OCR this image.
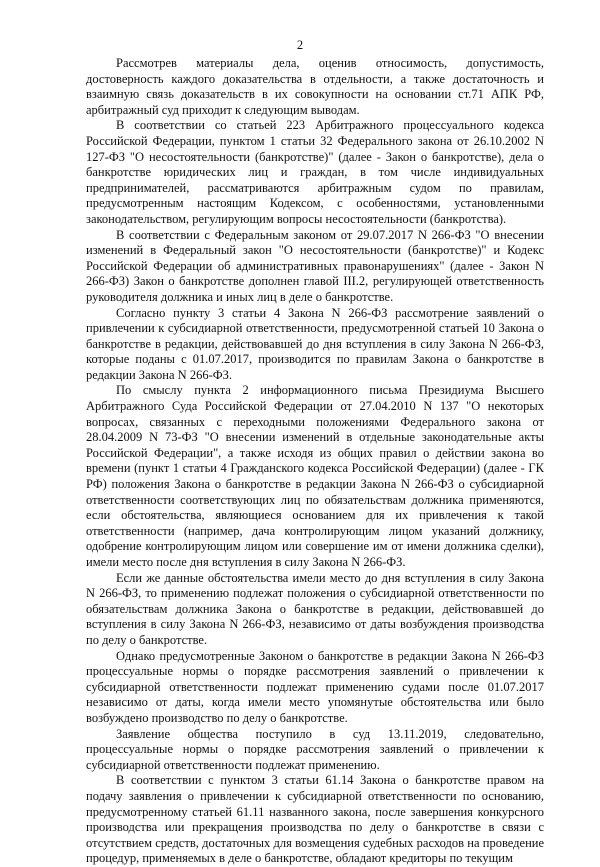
2

Рассмотрев материалы дела, оценив относимость, допустимость, достоверность каждого доказательства в отдельности, а также достаточность и взаимную связь доказательств в их совокупности на основании ст.71 АПК РФ, арбитражный суд приходит к следующим выводам.

В соответствии со статьей 223 Арбитражного процессуального кодекса Российской Федерации, пунктом 1 статьи 32 Федерального закона от 26.10.2002 N 127-ФЗ "О несостоятельности (банкротстве)" (далее - Закон о банкротстве), дела о банкротстве юридических лиц и граждан, в том числе индивидуальных предпринимателей, рассматриваются арбитражным судом по правилам, предусмотренным настоящим Кодексом, с особенностями, установленными законодательством, регулирующим вопросы несостоятельности (банкротства).

В соответствии с Федеральным законом от 29.07.2017 N 266-ФЗ "О внесении изменений в Федеральный закон "О несостоятельности (банкротстве)" и Кодекс Российской Федерации об административных правонарушениях" (далее - Закон N 266-ФЗ) Закон о банкротстве дополнен главой III.2, регулирующей ответственность руководителя должника и иных лиц в деле о банкротстве.

Согласно пункту 3 статьи 4 Закона N 266-ФЗ рассмотрение заявлений о привлечении к субсидиарной ответственности, предусмотренной статьей 10 Закона о банкротстве в редакции, действовавшей до дня вступления в силу Закона N 266-ФЗ, которые поданы с 01.07.2017, производится по правилам Закона о банкротстве в редакции Закона N 266-ФЗ.

По смыслу пункта 2 информационного письма Президиума Высшего Арбитражного Суда Российской Федерации от 27.04.2010 N 137 "О некоторых вопросах, связанных с переходными положениями Федерального закона от 28.04.2009 N 73-ФЗ "О внесении изменений в отдельные законодательные акты Российской Федерации", а также исходя из общих правил о действии закона во времени (пункт 1 статьи 4 Гражданского кодекса Российской Федерации) (далее - ГК РФ) положения Закона о банкротстве в редакции Закона N 266-ФЗ о субсидиарной ответственности соответствующих лиц по обязательствам должника применяются, если обстоятельства, являющиеся основанием для их привлечения к такой ответственности (например, дача контролирующим лицом указаний должнику, одобрение контролирующим лицом или совершение им от имени должника сделки), имели место после дня вступления в силу Закона N 266-ФЗ.

Если же данные обстоятельства имели место до дня вступления в силу Закона N 266-ФЗ, то применению подлежат положения о субсидиарной ответственности по обязательствам должника Закона о банкротстве в редакции, действовавшей до вступления в силу Закона N 266-ФЗ, независимо от даты возбуждения производства по делу о банкротстве.

Однако предусмотренные Законом о банкротстве в редакции Закона N 266-ФЗ процессуальные нормы о порядке рассмотрения заявлений о привлечении к субсидиарной ответственности подлежат применению судами после 01.07.2017 независимо от даты, когда имели место упомянутые обстоятельства или было возбуждено производство по делу о банкротстве.

Заявление общества поступило в суд 13.11.2019, следовательно, процессуальные нормы о порядке рассмотрения заявлений о привлечении к субсидиарной ответственности подлежат применению.

В соответствии с пунктом 3 статьи 61.14 Закона о банкротстве правом на подачу заявления о привлечении к субсидиарной ответственности по основанию, предусмотренному статьей 61.11 названного закона, после завершения конкурсного производства или прекращения производства по делу о банкротстве в связи с отсутствием средств, достаточных для возмещения судебных расходов на проведение процедур, применяемых в деле о банкротстве, обладают кредиторы по текущим
